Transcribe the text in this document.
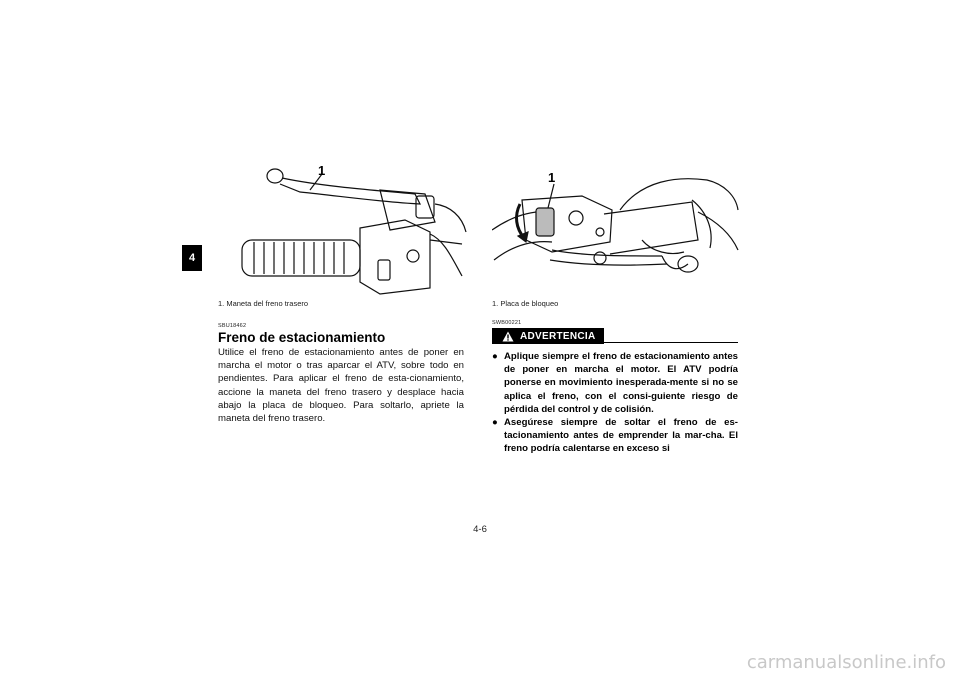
4
1
1. Maneta del freno trasero
1
1. Placa de bloqueo
SBU18462
Freno de estacionamiento
Utilice el freno de estacionamiento antes de poner en marcha el motor o tras aparcar el ATV, sobre todo en pendientes. Para aplicar el freno de esta-cionamiento, accione la maneta del freno trasero y desplace hacia abajo la placa de bloqueo. Para soltarlo, apriete la maneta del freno trasero.
SWB00221
ADVERTENCIA
● Aplique siempre el freno de estacionamiento antes de poner en marcha el motor. El ATV podría ponerse en movimiento inesperada-mente si no se aplica el freno, con el consi-guiente riesgo de pérdida del control y de colisión.
● Asegúrese siempre de soltar el freno de es-tacionamiento antes de emprender la mar-cha. El freno podría calentarse en exceso si
4-6
carmanualsonline.info
